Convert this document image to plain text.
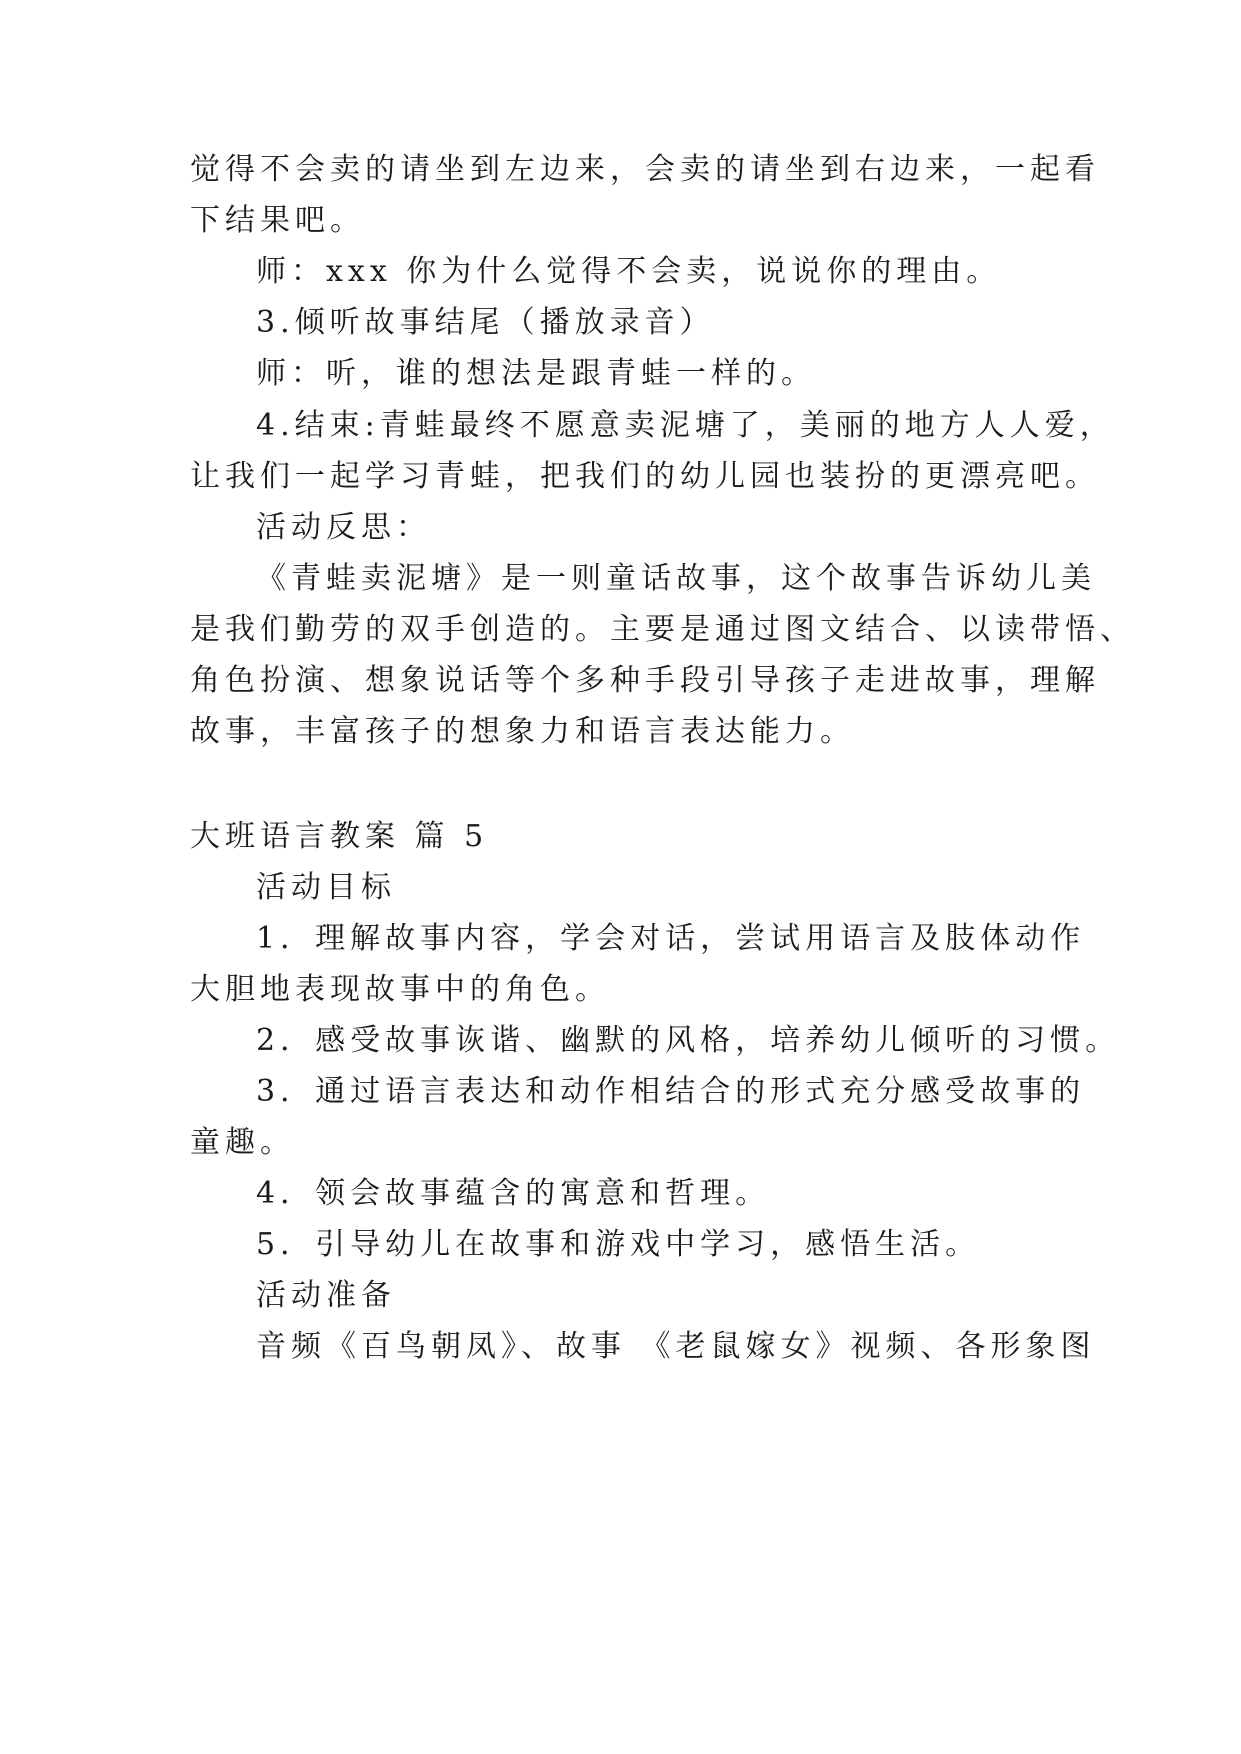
觉得不会卖的请坐到左边来，会卖的请坐到右边来，一起看
下结果吧。
师：xxx 你为什么觉得不会卖，说说你的理由。
3.倾听故事结尾（播放录音）
师：听，谁的想法是跟青蛙一样的。
4.结束:青蛙最终不愿意卖泥塘了，美丽的地方人人爱，
让我们一起学习青蛙，把我们的幼儿园也装扮的更漂亮吧。
活动反思：
《青蛙卖泥塘》是一则童话故事，这个故事告诉幼儿美
是我们勤劳的双手创造的。主要是通过图文结合、以读带悟、
角色扮演、想象说话等个多种手段引导孩子走进故事，理解
故事，丰富孩子的想象力和语言表达能力。
大班语言教案 篇 5
活动目标
1．理解故事内容，学会对话，尝试用语言及肢体动作
大胆地表现故事中的角色。
2．感受故事诙谐、幽默的风格，培养幼儿倾听的习惯。
3．通过语言表达和动作相结合的形式充分感受故事的
童趣。
4．领会故事蕴含的寓意和哲理。
5．引导幼儿在故事和游戏中学习，感悟生活。
活动准备
音频《百鸟朝凤》、故事 《老鼠嫁女》视频、各形象图
